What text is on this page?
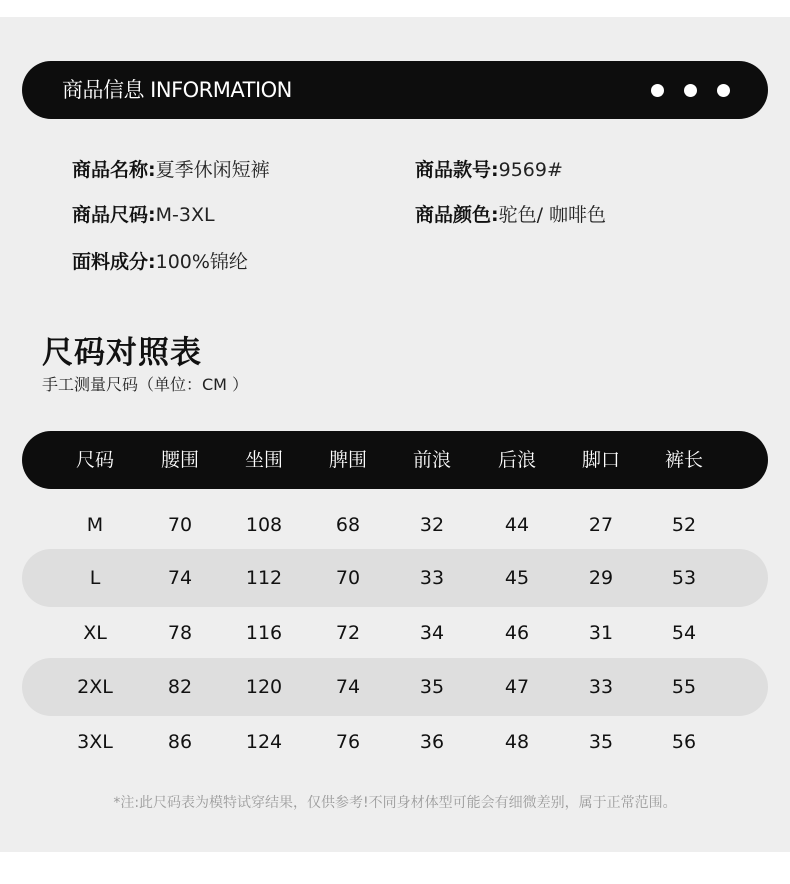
商品信息 INFORMATION
商品名称:夏季休闲短裤	商品款号:9569#
商品尺码:M-3XL	商品颜色:驼色/ 咖啡色
面料成分:100%锦纶
尺码对照表
手工测量尺码（单位：CM ）
尺码	腰围	坐围	脾围	前浪	后浪	脚口	裤长
M	70	108	68	32	44	27	52
L	74	112	70	33	45	29	53
XL	78	116	72	34	46	31	54
2XL	82	120	74	35	47	33	55
3XL	86	124	76	36	48	35	56
*注:此尺码表为模特试穿结果，仅供参考!不同身材体型可能会有细微差别，属于正常范围。
